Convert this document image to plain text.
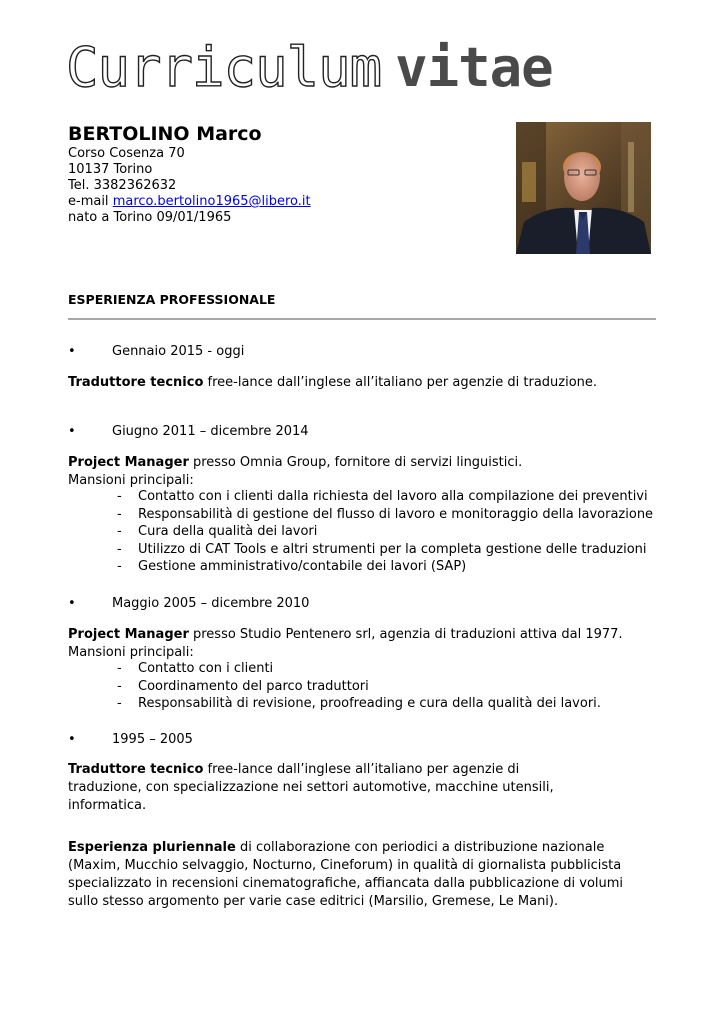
Curriculum vitae
BERTOLINO Marco
Corso Cosenza 70
10137 Torino
Tel. 3382362632
e-mail marco.bertolino1965@libero.it
nato a Torino 09/01/1965
ESPERIENZA PROFESSIONALE
•	Gennaio 2015 - oggi
Traduttore tecnico free-lance dall’inglese all’italiano per agenzie di traduzione.
•	Giugno 2011 – dicembre 2014
Project Manager presso Omnia Group, fornitore di servizi linguistici.
Mansioni principali:
- Contatto con i clienti dalla richiesta del lavoro alla compilazione dei preventivi
- Responsabilità di gestione del flusso di lavoro e monitoraggio della lavorazione
- Cura della qualità dei lavori
- Utilizzo di CAT Tools e altri strumenti per la completa gestione delle traduzioni
- Gestione amministrativo/contabile dei lavori (SAP)
•	Maggio 2005 – dicembre 2010
Project Manager presso Studio Pentenero srl, agenzia di traduzioni attiva dal 1977.
Mansioni principali:
- Contatto con i clienti
- Coordinamento del parco traduttori
- Responsabilità di revisione, proofreading e cura della qualità dei lavori.
•	1995 – 2005
Traduttore tecnico free-lance dall’inglese all’italiano per agenzie di traduzione, con specializzazione nei settori automotive, macchine utensili, informatica.
Esperienza pluriennale di collaborazione con periodici a distribuzione nazionale (Maxim, Mucchio selvaggio, Nocturno, Cineforum) in qualità di giornalista pubblicista specializzato in recensioni cinematografiche, affiancata dalla pubblicazione di volumi sullo stesso argomento per varie case editrici (Marsilio, Gremese, Le Mani).
